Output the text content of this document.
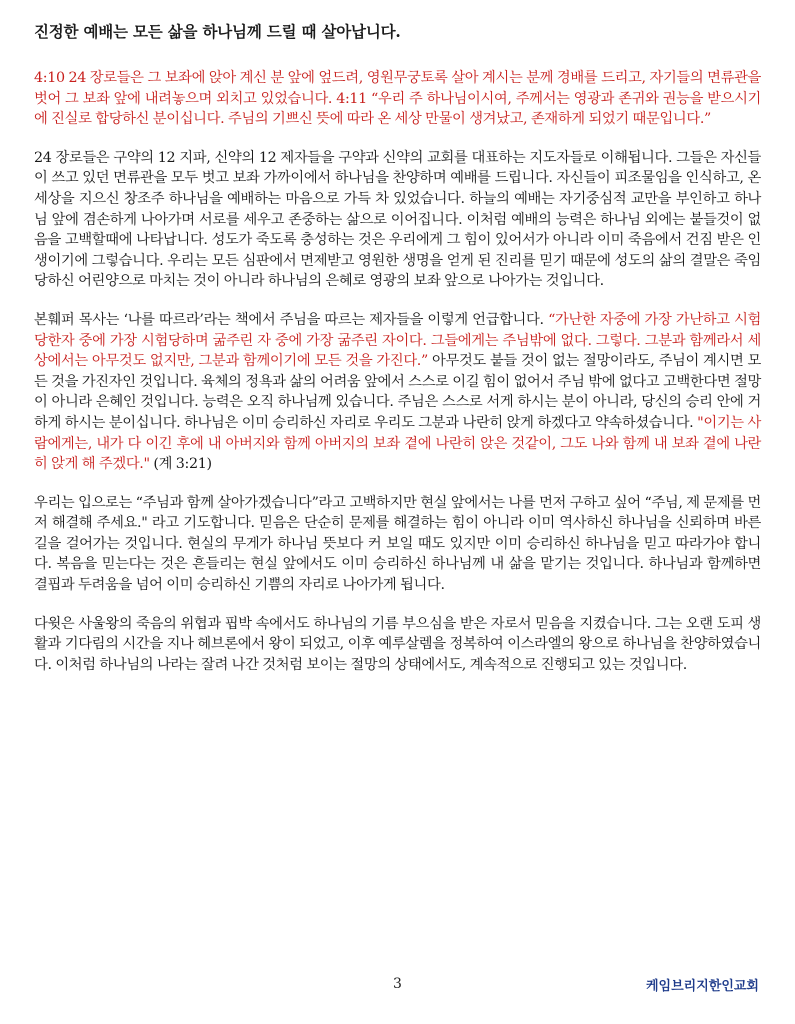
진정한 예배는 모든 삶을 하나님께 드릴 때 살아납니다.

4:10 24 장로들은 그 보좌에 앉아 계신 분 앞에 엎드려, 영원무궁토록 살아 계시는 분께 경배를 드리고, 자기들의 면류관을 벗어 그 보좌 앞에 내려놓으며 외치고 있었습니다. 4:11 “우리 주 하나님이시여, 주께서는 영광과 존귀와 권능을 받으시기에 진실로 합당하신 분이십니다. 주님의 기쁘신 뜻에 따라 온 세상 만물이 생겨났고, 존재하게 되었기 때문입니다.”

24 장로들은 구약의 12 지파, 신약의 12 제자들을 구약과 신약의 교회를 대표하는 지도자들로 이해됩니다. 그들은 자신들이 쓰고 있던 면류관을 모두 벗고 보좌 가까이에서 하나님을 찬양하며 예배를 드립니다. 자신들이 피조물임을 인식하고, 온 세상을 지으신 창조주 하나님을 예배하는 마음으로 가득 차 있었습니다. 하늘의 예배는 자기중심적 교만을 부인하고 하나님 앞에 겸손하게 나아가며 서로를 세우고 존중하는 삶으로 이어집니다. 이처럼 예배의 능력은 하나님 외에는 붙들것이 없음을 고백할때에 나타납니다. 성도가 죽도록 충성하는 것은 우리에게 그 힘이 있어서가 아니라 이미 죽음에서 건짐 받은 인생이기에 그렇습니다. 우리는 모든 심판에서 면제받고 영원한 생명을 얻게 된 진리를 믿기 때문에 성도의 삶의 결말은 죽임 당하신 어린양으로 마치는 것이 아니라 하나님의 은혜로 영광의 보좌 앞으로 나아가는 것입니다.

본훼퍼 목사는 ‘나를 따르라’라는 책에서 주님을 따르는 제자들을 이렇게 언급합니다. “가난한 자중에 가장 가난하고 시험당한자 중에 가장 시험당하며 굶주린 자 중에 가장 굶주린 자이다. 그들에게는 주님밖에 없다. 그렇다. 그분과 함께라서 세상에서는 아무것도 없지만, 그분과 함께이기에 모든 것을 가진다.” 아무것도 붙들 것이 없는 절망이라도, 주님이 계시면 모든 것을 가진자인 것입니다. 육체의 정욕과 삶의 어려움 앞에서 스스로 이길 힘이 없어서 주님 밖에 없다고 고백한다면 절망이 아니라 은혜인 것입니다. 능력은 오직 하나님께 있습니다. 주님은 스스로 서게 하시는 분이 아니라, 당신의 승리 안에 거하게 하시는 분이십니다. 하나님은 이미 승리하신 자리로 우리도 그분과 나란히 앉게 하겠다고 약속하셨습니다. "이기는 사람에게는, 내가 다 이긴 후에 내 아버지와 함께 아버지의 보좌 곁에 나란히 앉은 것같이, 그도 나와 함께 내 보좌 곁에 나란히 앉게 해 주겠다." (계 3:21)

우리는 입으로는 “주님과 함께 살아가겠습니다”라고 고백하지만 현실 앞에서는 나를 먼저 구하고 싶어 “주님, 제 문제를 먼저 해결해 주세요." 라고 기도합니다. 믿음은 단순히 문제를 해결하는 힘이 아니라 이미 역사하신 하나님을 신뢰하며 바른 길을 걸어가는 것입니다. 현실의 무게가 하나님 뜻보다 커 보일 때도 있지만 이미 승리하신 하나님을 믿고 따라가야 합니다. 복음을 믿는다는 것은 흔들리는 현실 앞에서도 이미 승리하신 하나님께 내 삶을 맡기는 것입니다. 하나님과 함께하면 결핍과 두려움을 넘어 이미 승리하신 기쁨의 자리로 나아가게 됩니다.

다윗은 사울왕의 죽음의 위협과 핍박 속에서도 하나님의 기름 부으심을 받은 자로서 믿음을 지켰습니다. 그는 오랜 도피 생활과 기다림의 시간을 지나 헤브론에서 왕이 되었고, 이후 예루살렘을 정복하여 이스라엘의 왕으로 하나님을 찬양하였습니다. 이처럼 하나님의 나라는 잘려 나간 것처럼 보이는 절망의 상태에서도, 계속적으로 진행되고 있는 것입니다.

3	케임브리지한인교회
